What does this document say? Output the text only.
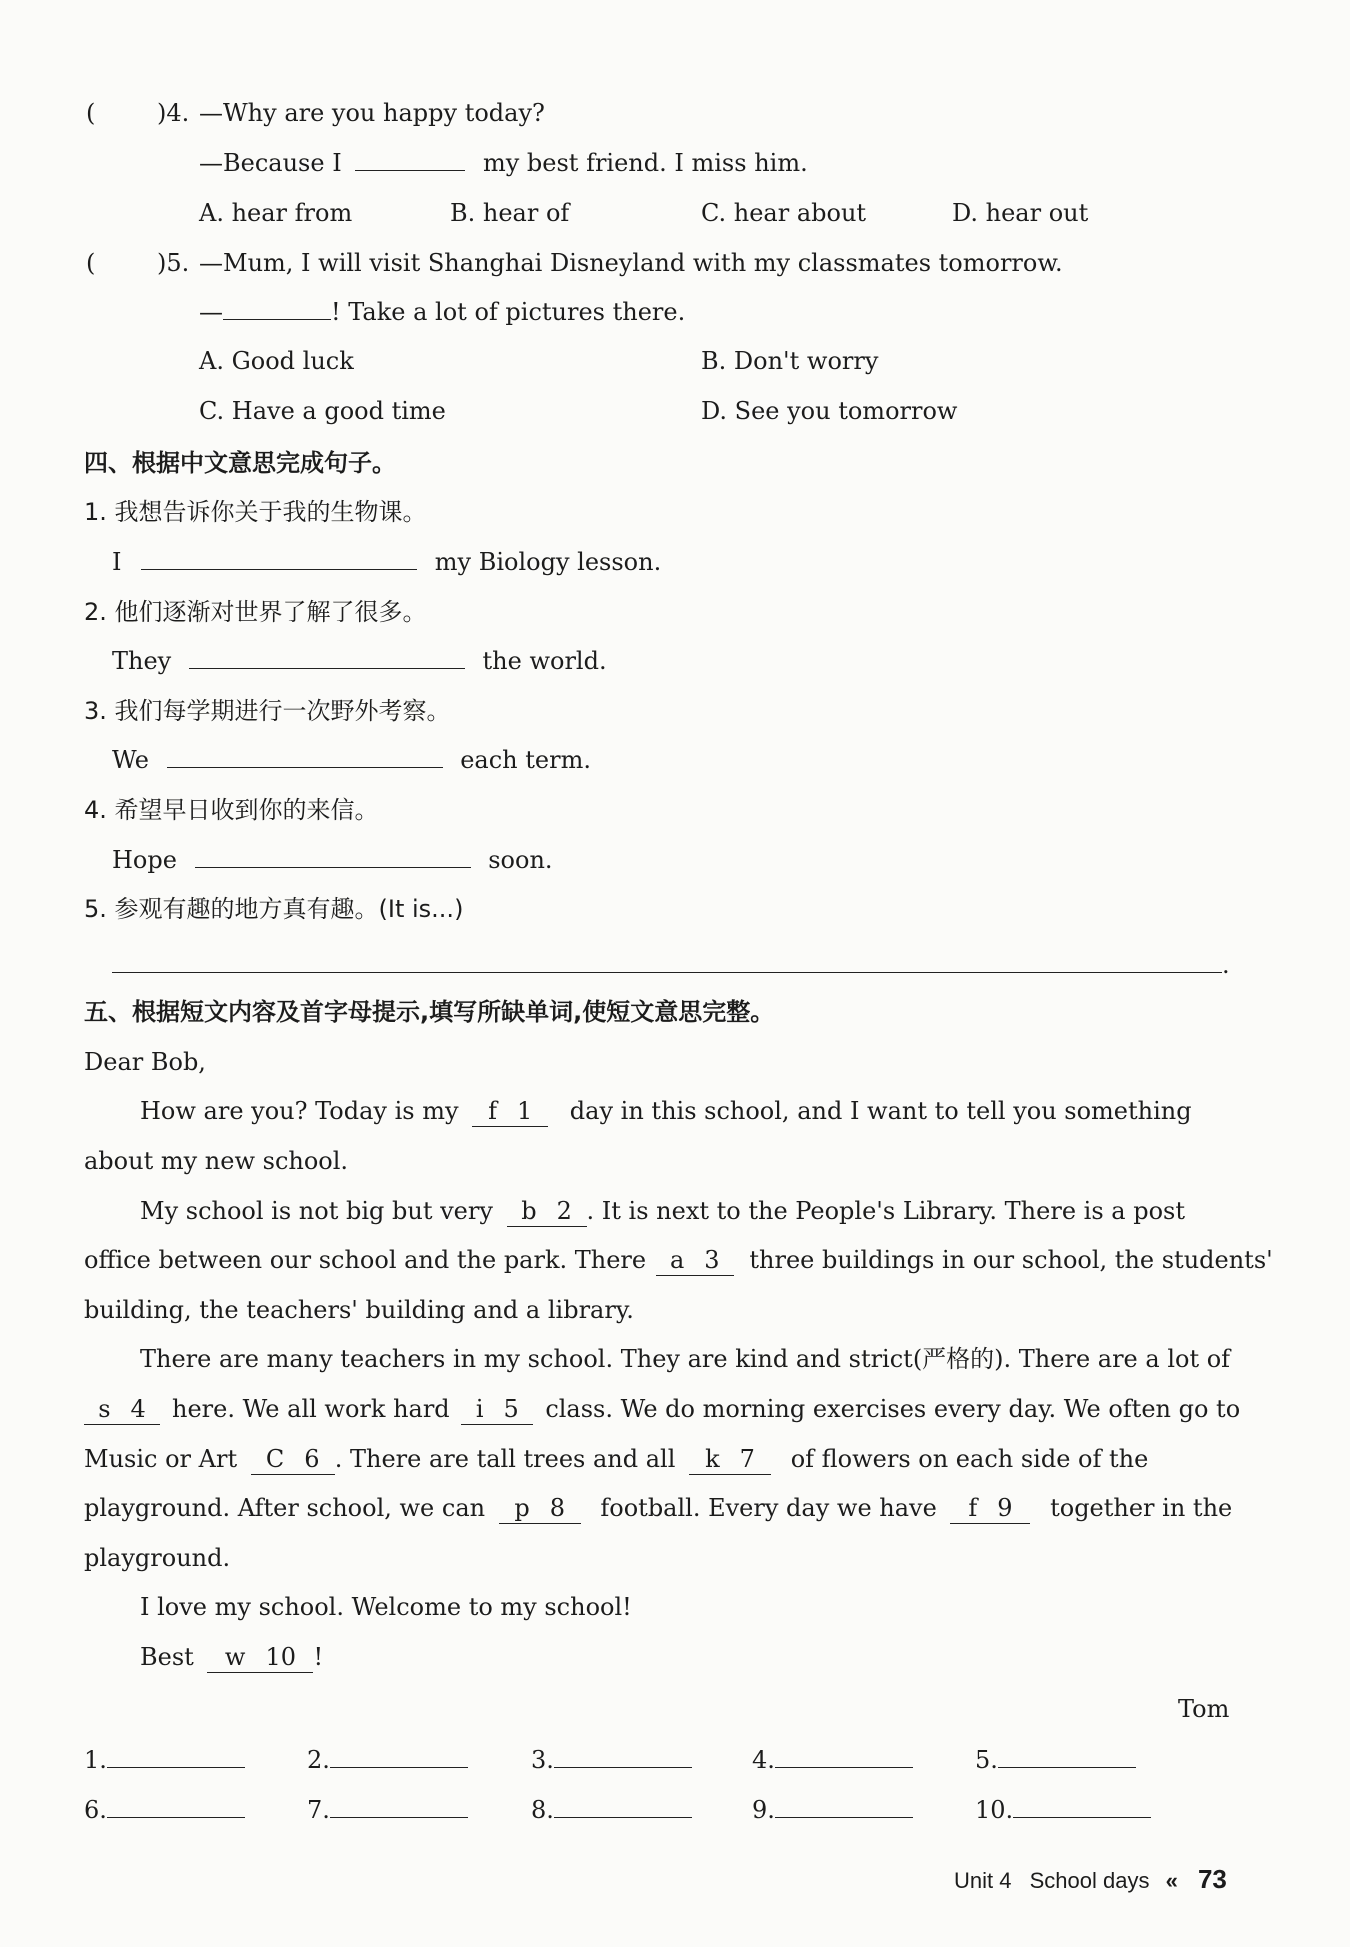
(	)4. —Why are you happy today?
—Because I	my best friend. I miss him.
A. hear from	B. hear of	C. hear about	D. hear out
(	)5. —Mum, I will visit Shanghai Disneyland with my classmates tomorrow.
—	! Take a lot of pictures there.
A. Good luck	B. Don't worry
C. Have a good time	D. See you tomorrow
四、根据中文意思完成句子。
1. 我想告诉你关于我的生物课。
I	my Biology lesson.
2. 他们逐渐对世界了解了很多。
They	the world.
3. 我们每学期进行一次野外考察。
We	each term.
4. 希望早日收到你的来信。
Hope	soon.
5. 参观有趣的地方真有趣。(It is...)
.
五、根据短文内容及首字母提示,填写所缺单词,使短文意思完整。
Dear Bob,
How are you? Today is my f 1 day in this school, and I want to tell you something
about my new school.
My school is not big but very b 2 . It is next to the People's Library. There is a post
office between our school and the park. There a 3 three buildings in our school, the students'
building, the teachers' building and a library.
There are many teachers in my school. They are kind and strict(严格的). There are a lot of
s 4 here. We all work hard i 5 class. We do morning exercises every day. We often go to
Music or Art C 6 . There are tall trees and all k 7 of flowers on each side of the
playground. After school, we can p 8 football. Every day we have f 9 together in the
playground.
I love my school. Welcome to my school!
Best w 10 !
Tom
1.	2.	3.	4.	5.
6.	7.	8.	9.	10.
Unit 4 School days « 73
